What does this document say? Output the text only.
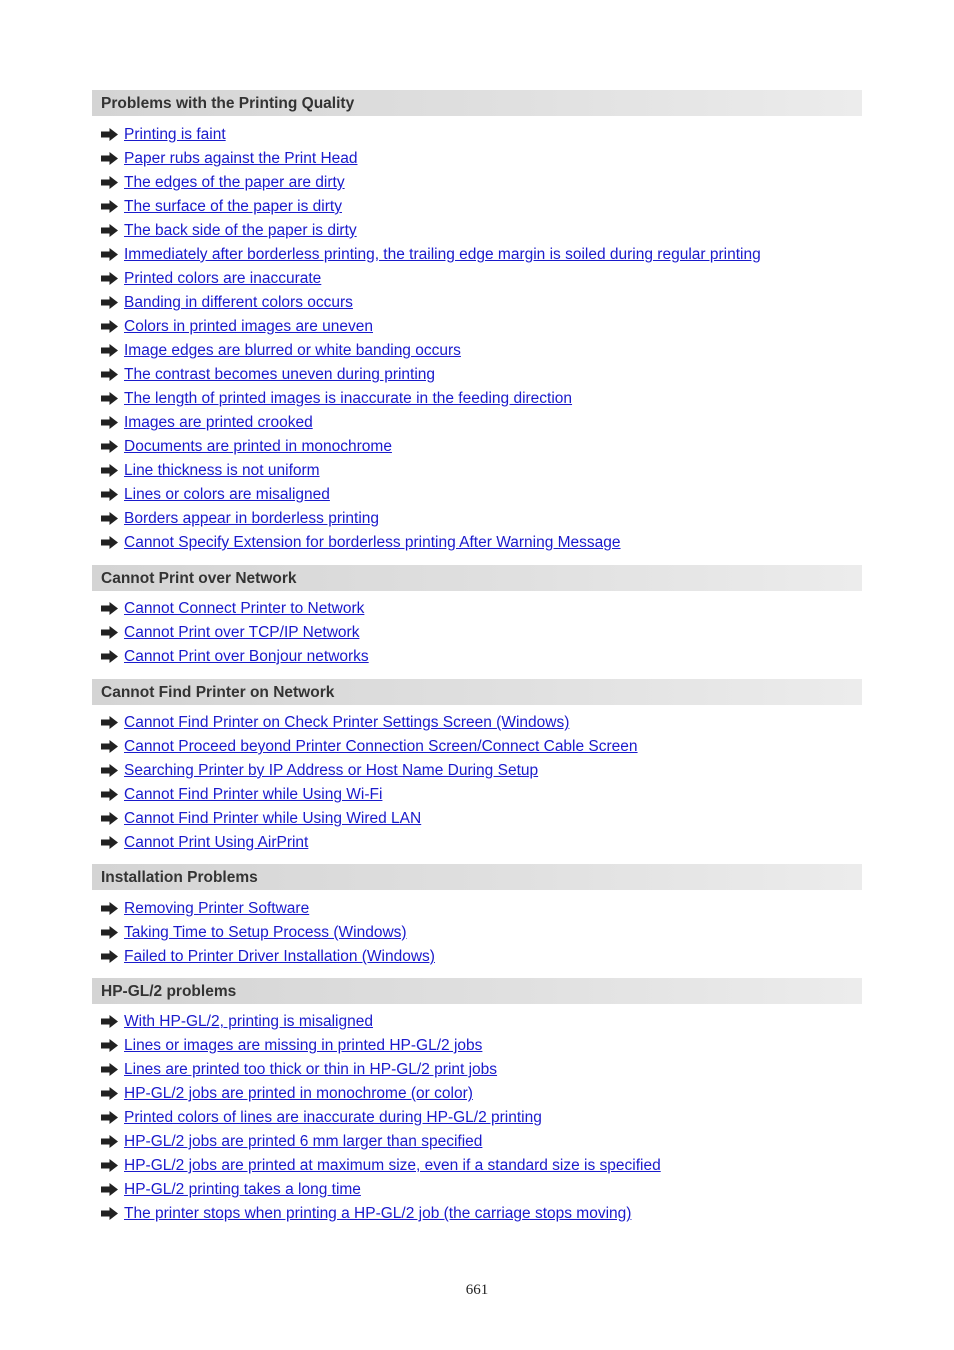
Problems with the Printing Quality
Printing is faint
Paper rubs against the Print Head
The edges of the paper are dirty
The surface of the paper is dirty
The back side of the paper is dirty
Immediately after borderless printing, the trailing edge margin is soiled during regular printing
Printed colors are inaccurate
Banding in different colors occurs
Colors in printed images are uneven
Image edges are blurred or white banding occurs
The contrast becomes uneven during printing
The length of printed images is inaccurate in the feeding direction
Images are printed crooked
Documents are printed in monochrome
Line thickness is not uniform
Lines or colors are misaligned
Borders appear in borderless printing
Cannot Specify Extension for borderless printing After Warning Message
Cannot Print over Network
Cannot Connect Printer to Network
Cannot Print over TCP/IP Network
Cannot Print over Bonjour networks
Cannot Find Printer on Network
Cannot Find Printer on Check Printer Settings Screen (Windows)
Cannot Proceed beyond Printer Connection Screen/Connect Cable Screen
Searching Printer by IP Address or Host Name During Setup
Cannot Find Printer while Using Wi-Fi
Cannot Find Printer while Using Wired LAN
Cannot Print Using AirPrint
Installation Problems
Removing Printer Software
Taking Time to Setup Process (Windows)
Failed to Printer Driver Installation (Windows)
HP-GL/2 problems
With HP-GL/2, printing is misaligned
Lines or images are missing in printed HP-GL/2 jobs
Lines are printed too thick or thin in HP-GL/2 print jobs
HP-GL/2 jobs are printed in monochrome (or color)
Printed colors of lines are inaccurate during HP-GL/2 printing
HP-GL/2 jobs are printed 6 mm larger than specified
HP-GL/2 jobs are printed at maximum size, even if a standard size is specified
HP-GL/2 printing takes a long time
The printer stops when printing a HP-GL/2 job (the carriage stops moving)
661
